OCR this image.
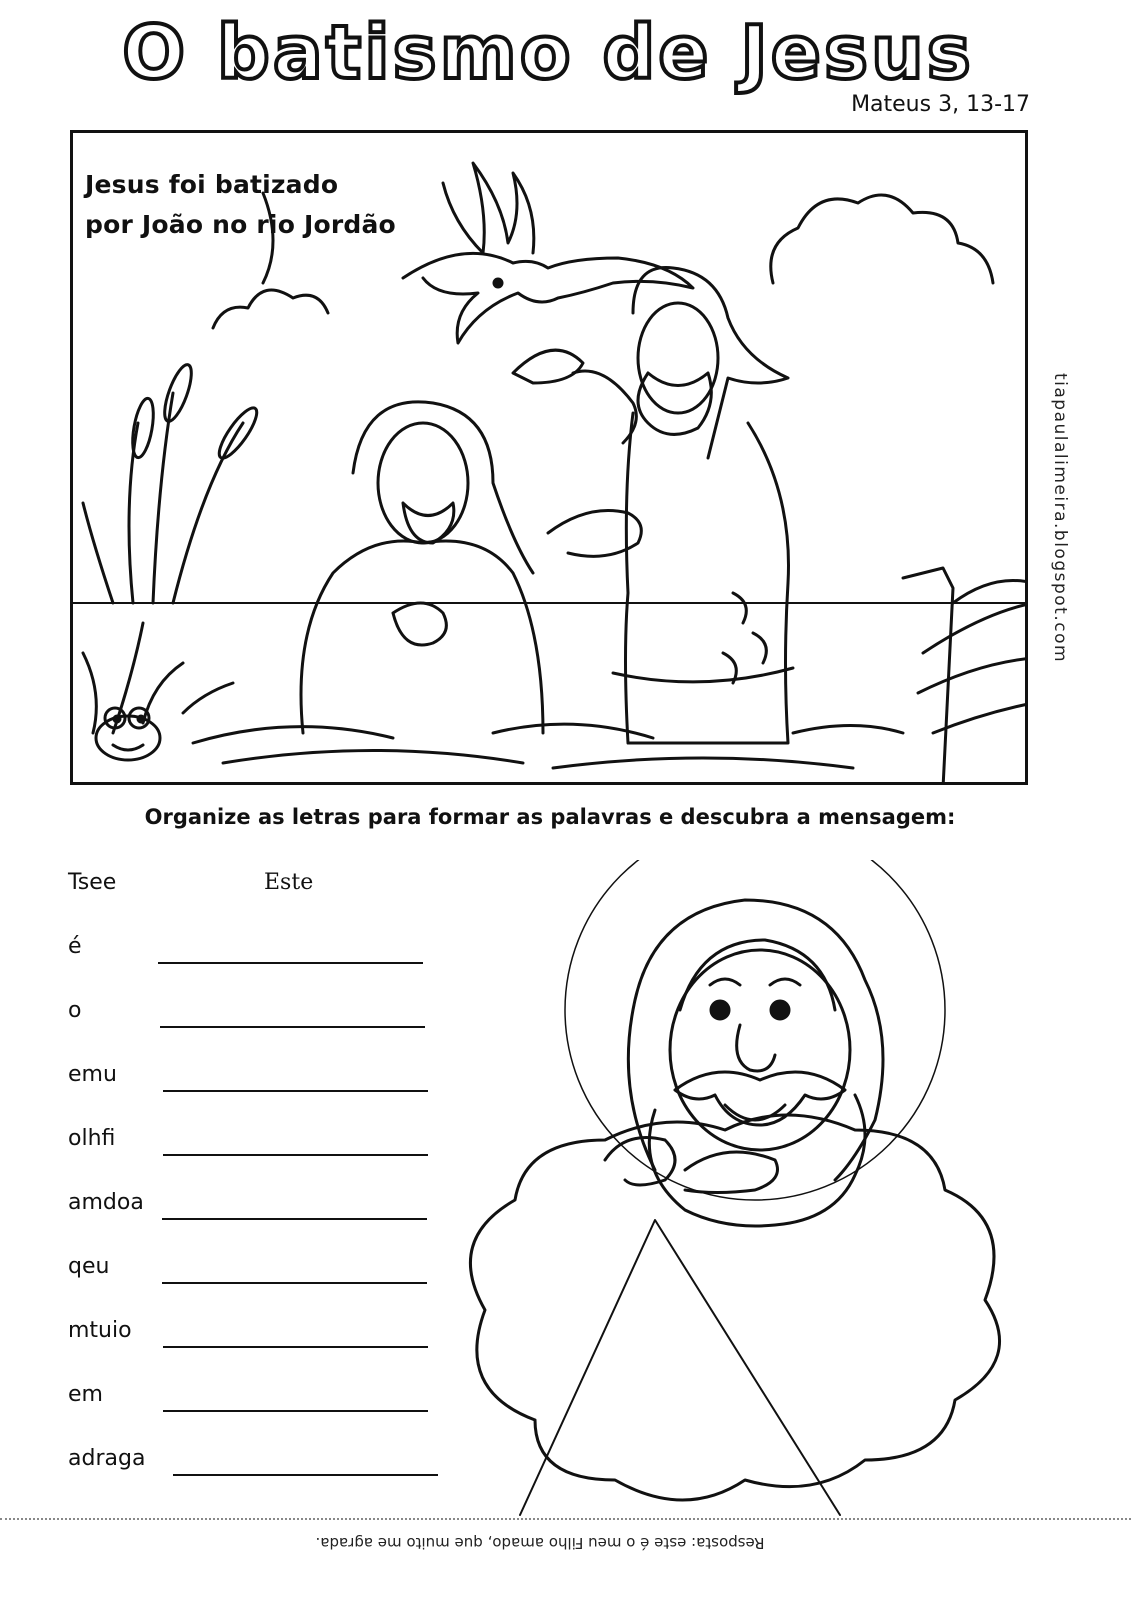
O batismo de Jesus
Mateus 3, 13-17
Jesus foi batizado
por João no rio Jordão
tiapaulalimeira.blogspot.com
Organize as letras para formar as palavras e descubra a mensagem:
Tsee	Este
é
o
emu
olhfi
amdoa
qeu
mtuio
em
adraga
Resposta: este é o meu Filho amado, que muito me agrada.
